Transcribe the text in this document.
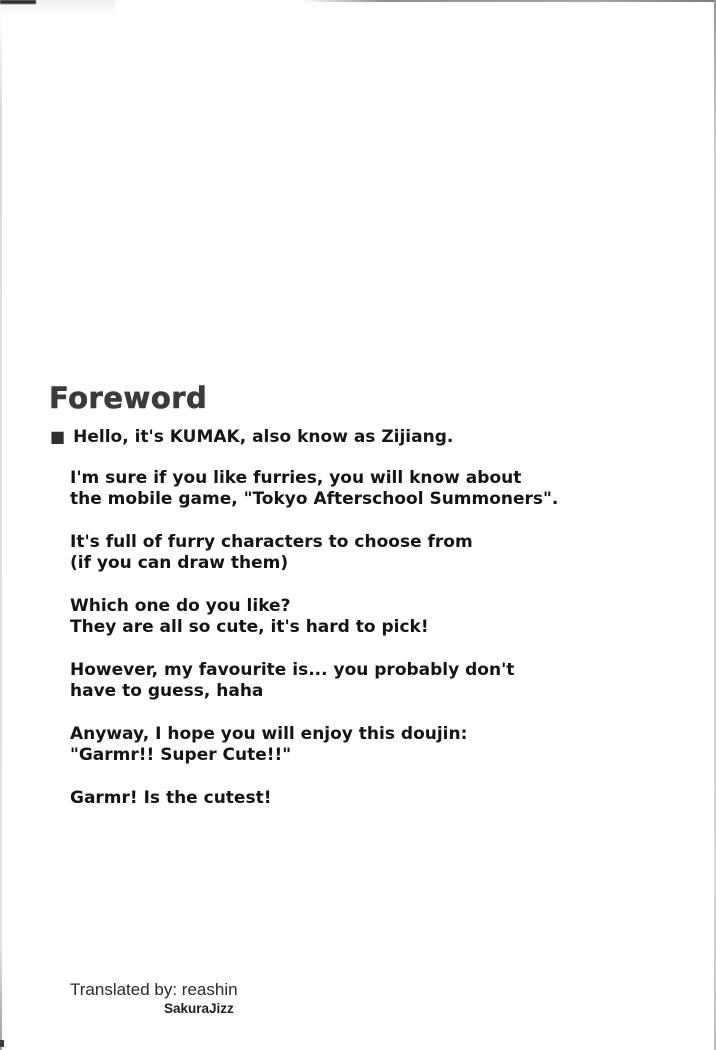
Foreword
■ Hello, it's KUMAK, also know as Zijiang.

I'm sure if you like furries, you will know about
the mobile game, "Tokyo Afterschool Summoners".

It's full of furry characters to choose from
(if you can draw them)

Which one do you like?
They are all so cute, it's hard to pick!

However, my favourite is... you probably don't
have to guess, haha

Anyway, I hope you will enjoy this doujin:
"Garmr!! Super Cute!!"

Garmr! Is the cutest!

Translated by: reashin
SakuraJizz
